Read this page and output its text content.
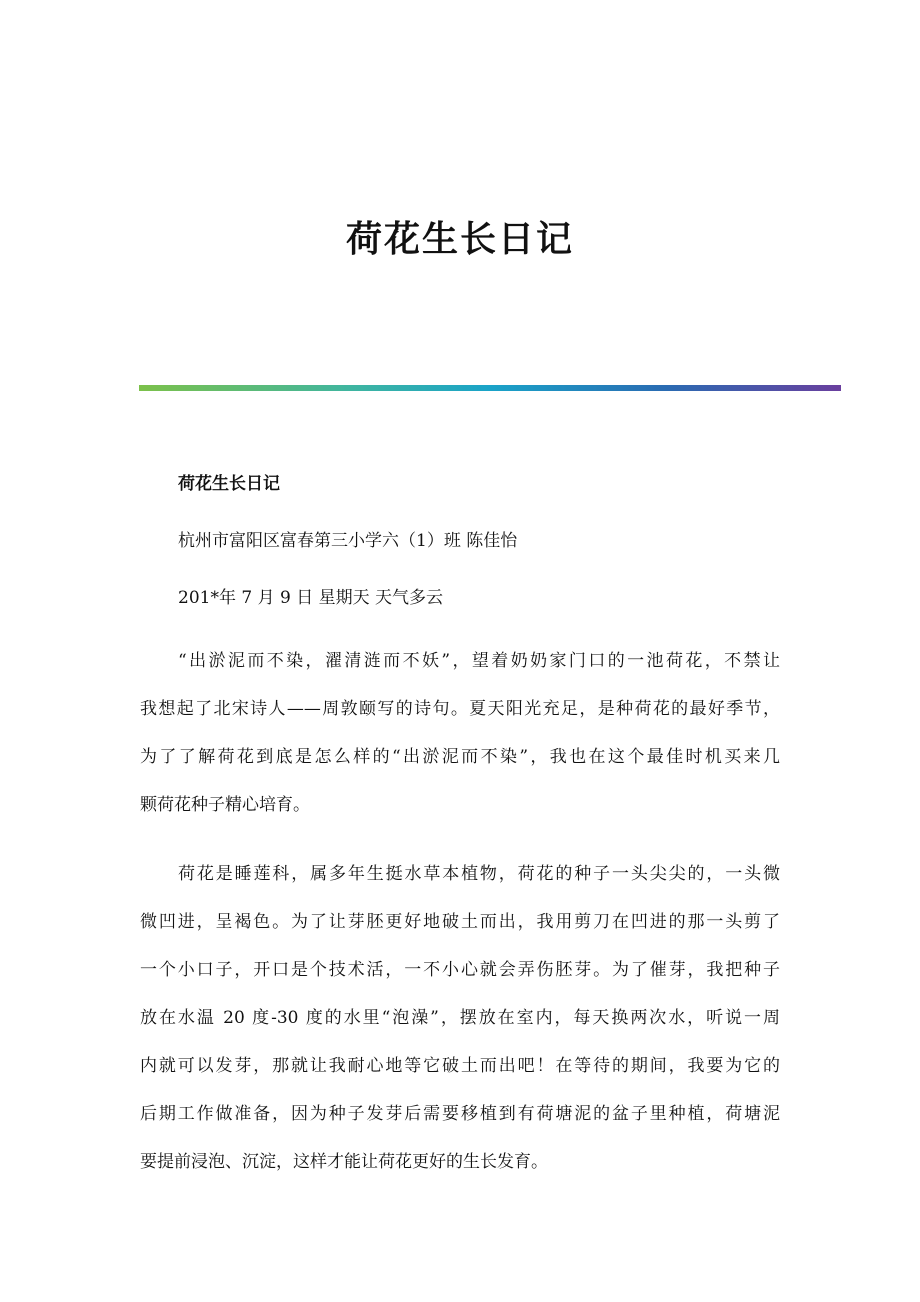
荷花生长日记

荷花生长日记

杭州市富阳区富春第三小学六（1）班 陈佳怡

201*年 7 月 9 日 星期天 天气多云

“出淤泥而不染，濯清涟而不妖”，望着奶奶家门口的一池荷花，不禁让
我想起了北宋诗人——周敦颐写的诗句。夏天阳光充足，是种荷花的最好季节，
为了了解荷花到底是怎么样的“出淤泥而不染”，我也在这个最佳时机买来几
颗荷花种子精心培育。
荷花是睡莲科，属多年生挺水草本植物，荷花的种子一头尖尖的，一头微
微凹进，呈褐色。为了让芽胚更好地破土而出，我用剪刀在凹进的那一头剪了
一个小口子，开口是个技术活，一不小心就会弄伤胚芽。为了催芽，我把种子
放在水温 20 度-30 度的水里“泡澡”，摆放在室内，每天换两次水，听说一周
内就可以发芽，那就让我耐心地等它破土而出吧！在等待的期间，我要为它的
后期工作做准备，因为种子发芽后需要移植到有荷塘泥的盆子里种植，荷塘泥
要提前浸泡、沉淀，这样才能让荷花更好的生长发育。
